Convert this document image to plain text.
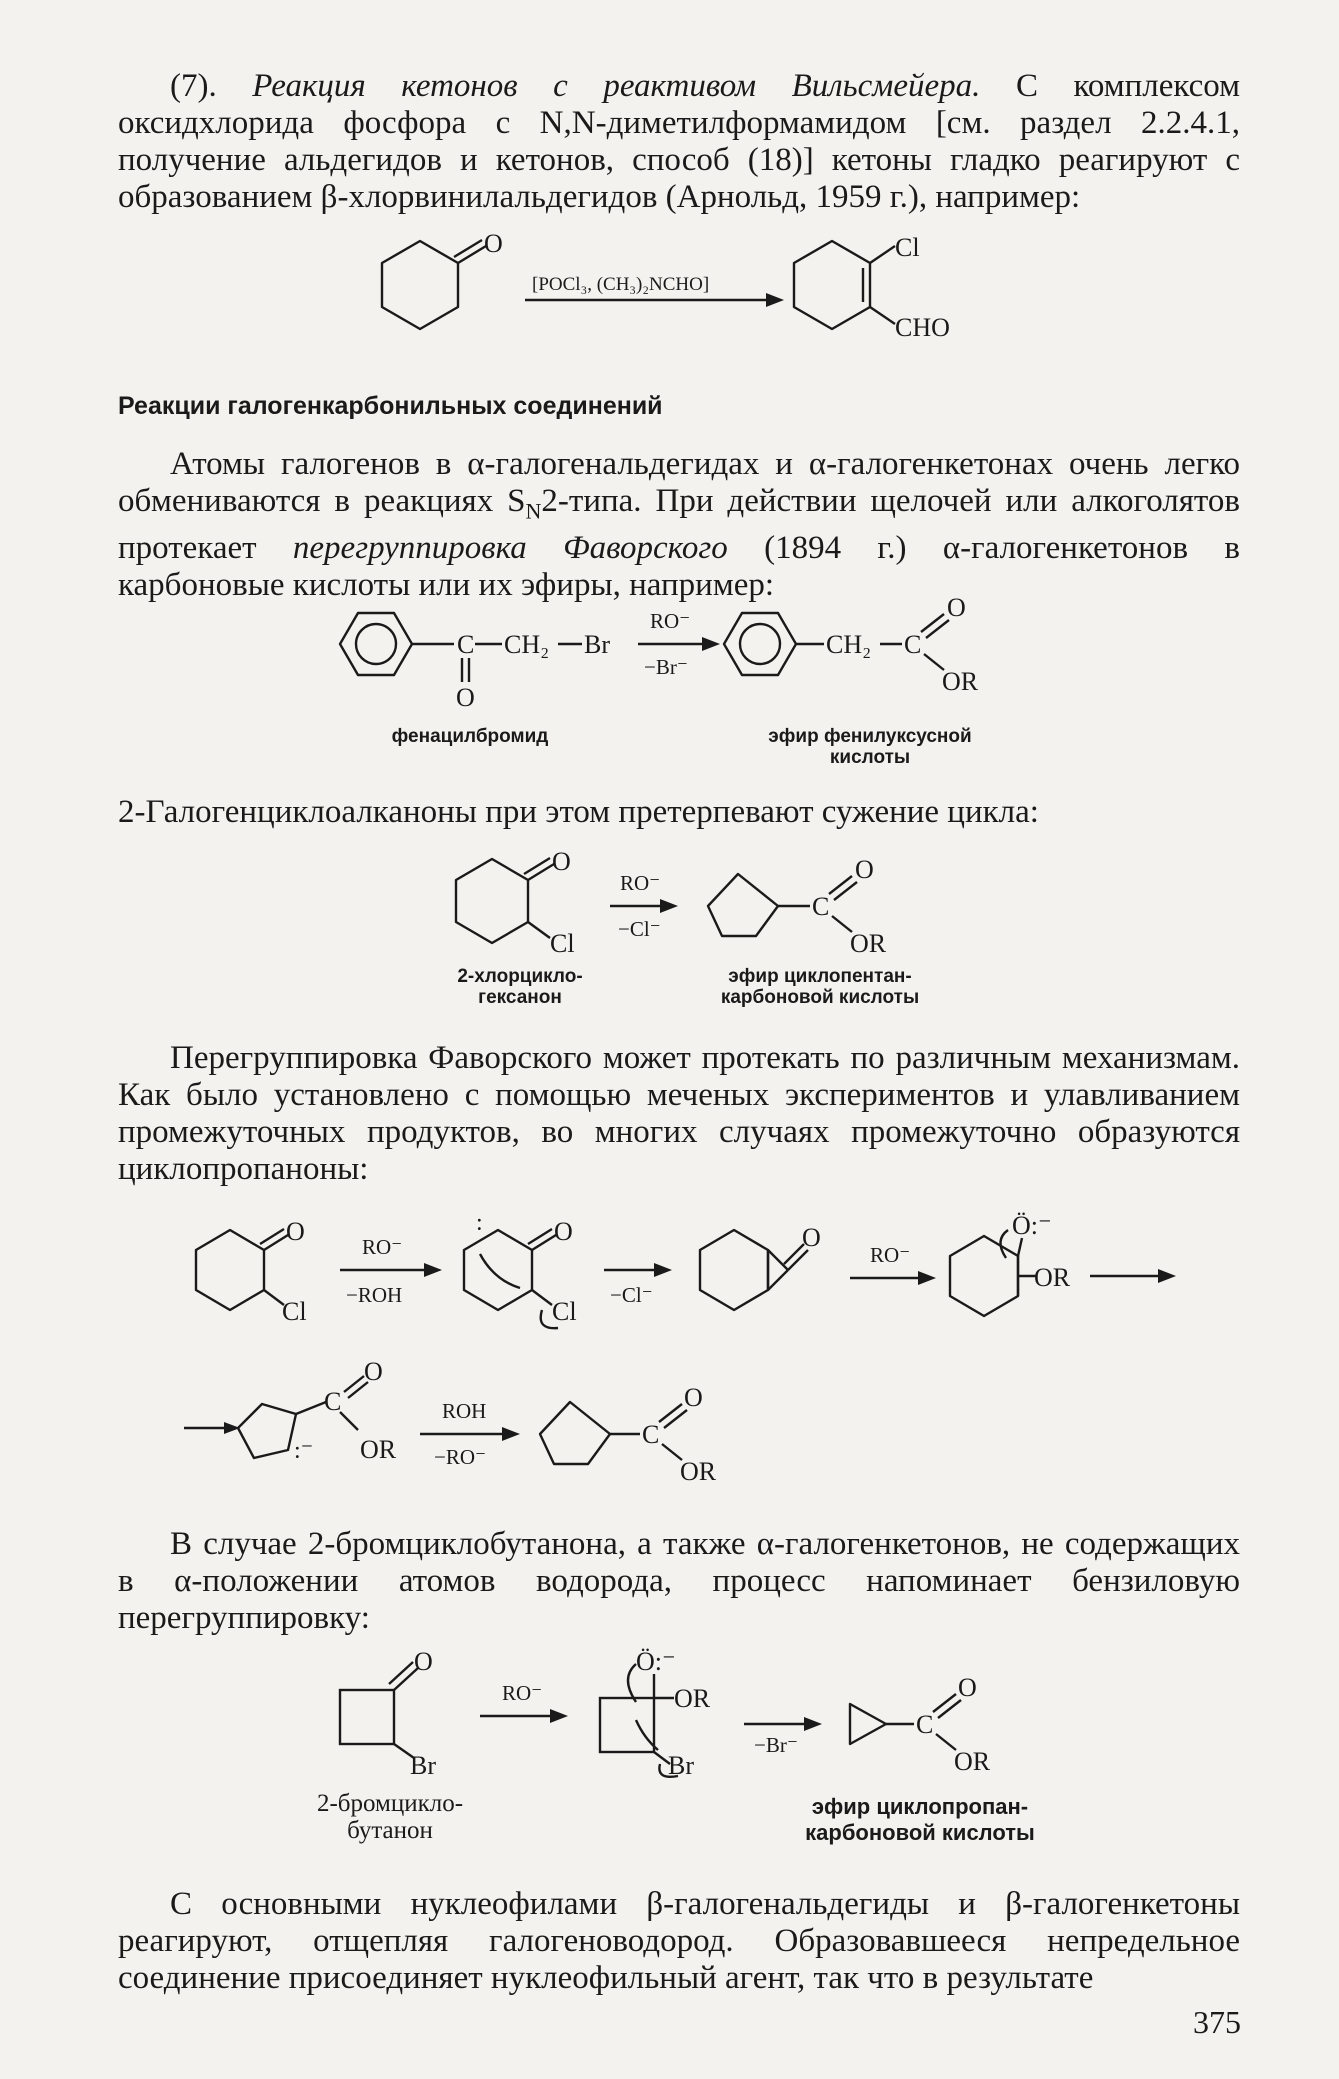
(7). Реакция кетонов с реактивом Вильсмейера. С комплексом оксидхлорида фосфора с N,N-диметилформамидом [см. раздел 2.2.4.1, получение альдегидов и кетонов, способ (18)] кетоны гладко реагируют с образованием β-хлорвинилальдегидов (Арнольд, 1959 г.), например:

O
[POCl₃, (CH₃)₂NCHO]
Cl
CHO

Реакции галогенкарбонильных соединений

Атомы галогенов в α-галогенальдегидах и α-галогенкетонах очень легко обмениваются в реакциях $S_N2$-типа. При действии щелочей или алкоголятов протекает перегруппировка Фаворского (1894 г.) α-галогенкетонов в карбоновые кислоты или их эфиры, например:

C CH₂ Br
O
RO⁻
−Br⁻
CH₂ C
O
OR
фенацилбромид	эфир фенилуксусной
кислоты

2-Галогенциклоалканоны при этом претерпевают сужение цикла:

O
Cl
RO⁻
−Cl⁻
C
O
OR
2-хлорцикло-
гексанон
эфир циклопентан-
карбоновой кислоты

Перегруппировка Фаворского может протекать по различным механизмам. Как было установлено с помощью меченых экспериментов и улавливанием промежуточных продуктов, во многих случаях промежуточно образуются циклопропаноны:

O
Cl
RO⁻
−ROH
:	O
Cl
−Cl⁻
O
RO⁻
Ö:⁻
OR
C
O
:⁻ OR
ROH
−RO⁻
C
O
OR

В случае 2-бромциклобутанона, а также α-галогенкетонов, не содержащих в α-положении атомов водорода, процесс напоминает бензиловую перегруппировку:

O
Br
RO⁻
Ö:⁻
OR
Br
−Br⁻
C
O
OR
2-бромцикло-
бутанон
эфир циклопропан-
карбоновой кислоты

С основными нуклеофилами β-галогенальдегиды и β-галогенкетоны реагируют, отщепляя галогеноводород. Образовавшееся непредельное соединение присоединяет нуклеофильный агент, так что в результате

375
